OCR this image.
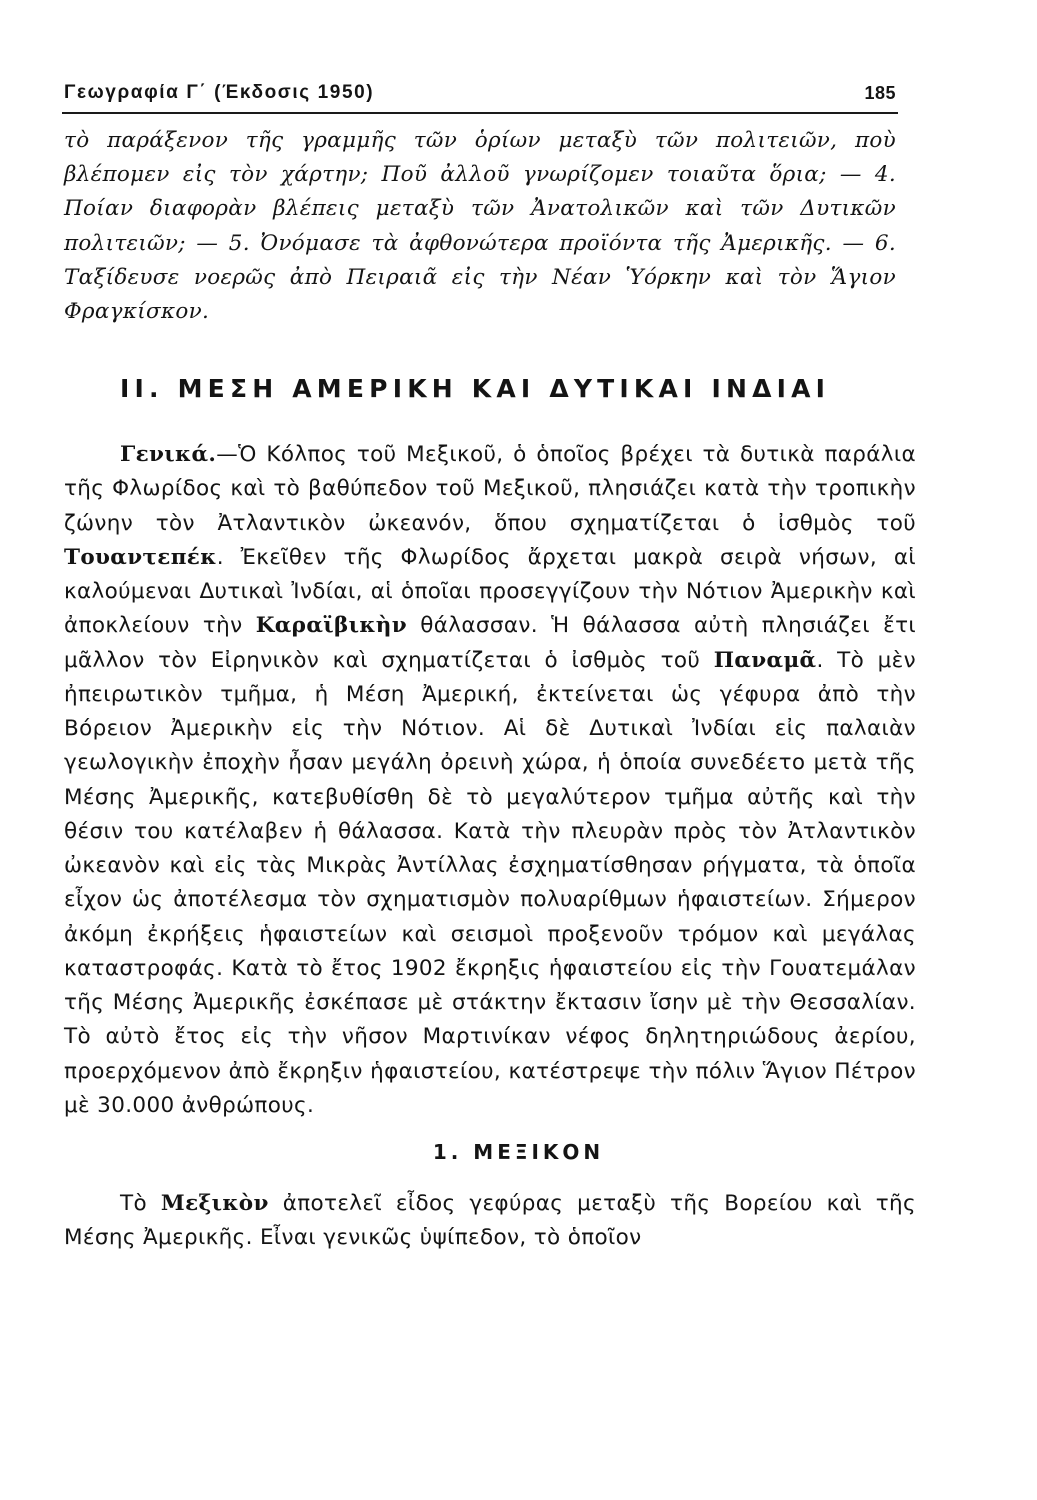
Γεωγραφία Γ΄ (Έκδοσις 1950)	185

τὸ παράξενον τῆς γραμμῆς τῶν ὁρίων μεταξὺ τῶν πολιτειῶν, ποὺ βλέπομεν εἰς τὸν χάρτην; Ποῦ ἀλλοῦ γνωρίζομεν τοιαῦτα ὅρια; — 4. Ποίαν διαφορὰν βλέπεις μεταξὺ τῶν Ἀνατολικῶν καὶ τῶν Δυτικῶν πολιτειῶν; — 5. Ὀνόμασε τὰ ἀφθονώτερα προϊόντα τῆς Ἀμερικῆς. — 6. Ταξίδευσε νοερῶς ἀπὸ Πειραιᾶ εἰς τὴν Νέαν Ὑόρκην καὶ τὸν Ἅγιον Φραγκίσκον.

II. ΜΕΣΗ ΑΜΕΡΙΚΗ ΚΑΙ ΔΥΤΙΚΑΙ ΙΝΔΙΑΙ

Γενικά.—Ὁ Κόλπος τοῦ Μεξικοῦ, ὁ ὁποῖος βρέχει τὰ δυτικὰ παράλια τῆς Φλωρίδος καὶ τὸ βαθύπεδον τοῦ Μεξικοῦ, πλησιάζει κατὰ τὴν τροπικὴν ζώνην τὸν Ἀτλαντικὸν ὠκεανόν, ὅπου σχηματίζεται ὁ ἰσθμὸς τοῦ Τουαντεπέκ. Ἐκεῖθεν τῆς Φλωρίδος ἄρχεται μακρὰ σειρὰ νήσων, αἱ καλούμεναι Δυτικαὶ Ἰνδίαι, αἱ ὁποῖαι προσεγγίζουν τὴν Νότιον Ἀμερικὴν καὶ ἀποκλείουν τὴν Καραϊβικὴν θάλασσαν. Ἡ θάλασσα αὐτὴ πλησιάζει ἔτι μᾶλλον τὸν Εἰρηνικὸν καὶ σχηματίζεται ὁ ἰσθμὸς τοῦ Παναμᾶ. Τὸ μὲν ἠπειρωτικὸν τμῆμα, ἡ Μέση Ἀμερική, ἐκτείνεται ὡς γέφυρα ἀπὸ τὴν Βόρειον Ἀμερικὴν εἰς τὴν Νότιον. Αἱ δὲ Δυτικαὶ Ἰνδίαι εἰς παλαιὰν γεωλογικὴν ἐποχὴν ἦσαν μεγάλη ὀρεινὴ χώρα, ἡ ὁποία συνεδέετο μετὰ τῆς Μέσης Ἀμερικῆς, κατεβυθίσθη δὲ τὸ μεγαλύτερον τμῆμα αὐτῆς καὶ τὴν θέσιν του κατέλαβεν ἡ θάλασσα. Κατὰ τὴν πλευρὰν πρὸς τὸν Ἀτλαντικὸν ὠκεανὸν καὶ εἰς τὰς Μικρὰς Ἀντίλλας ἐσχηματίσθησαν ρήγματα, τὰ ὁποῖα εἶχον ὡς ἀποτέλεσμα τὸν σχηματισμὸν πολυαρίθμων ἡφαιστείων. Σήμερον ἀκόμη ἐκρήξεις ἡφαιστείων καὶ σεισμοὶ προξενοῦν τρόμον καὶ μεγάλας καταστροφάς. Κατὰ τὸ ἔτος 1902 ἔκρηξις ἡφαιστείου εἰς τὴν Γουατεμάλαν τῆς Μέσης Ἀμερικῆς ἐσκέπασε μὲ στάκτην ἔκτασιν ἴσην μὲ τὴν Θεσσαλίαν. Τὸ αὐτὸ ἔτος εἰς τὴν νῆσον Μαρτινίκαν νέφος δηλητηριώδους ἀερίου, προερχόμενον ἀπὸ ἔκρηξιν ἡφαιστείου, κατέστρεψε τὴν πόλιν Ἅγιον Πέτρον μὲ 30.000 ἀνθρώπους.

1. ΜΕΞΙΚΟΝ

Τὸ Μεξικὸν ἀποτελεῖ εἶδος γεφύρας μεταξὺ τῆς Βορείου καὶ τῆς Μέσης Ἀμερικῆς. Εἶναι γενικῶς ὑψίπεδον, τὸ ὁποῖον
